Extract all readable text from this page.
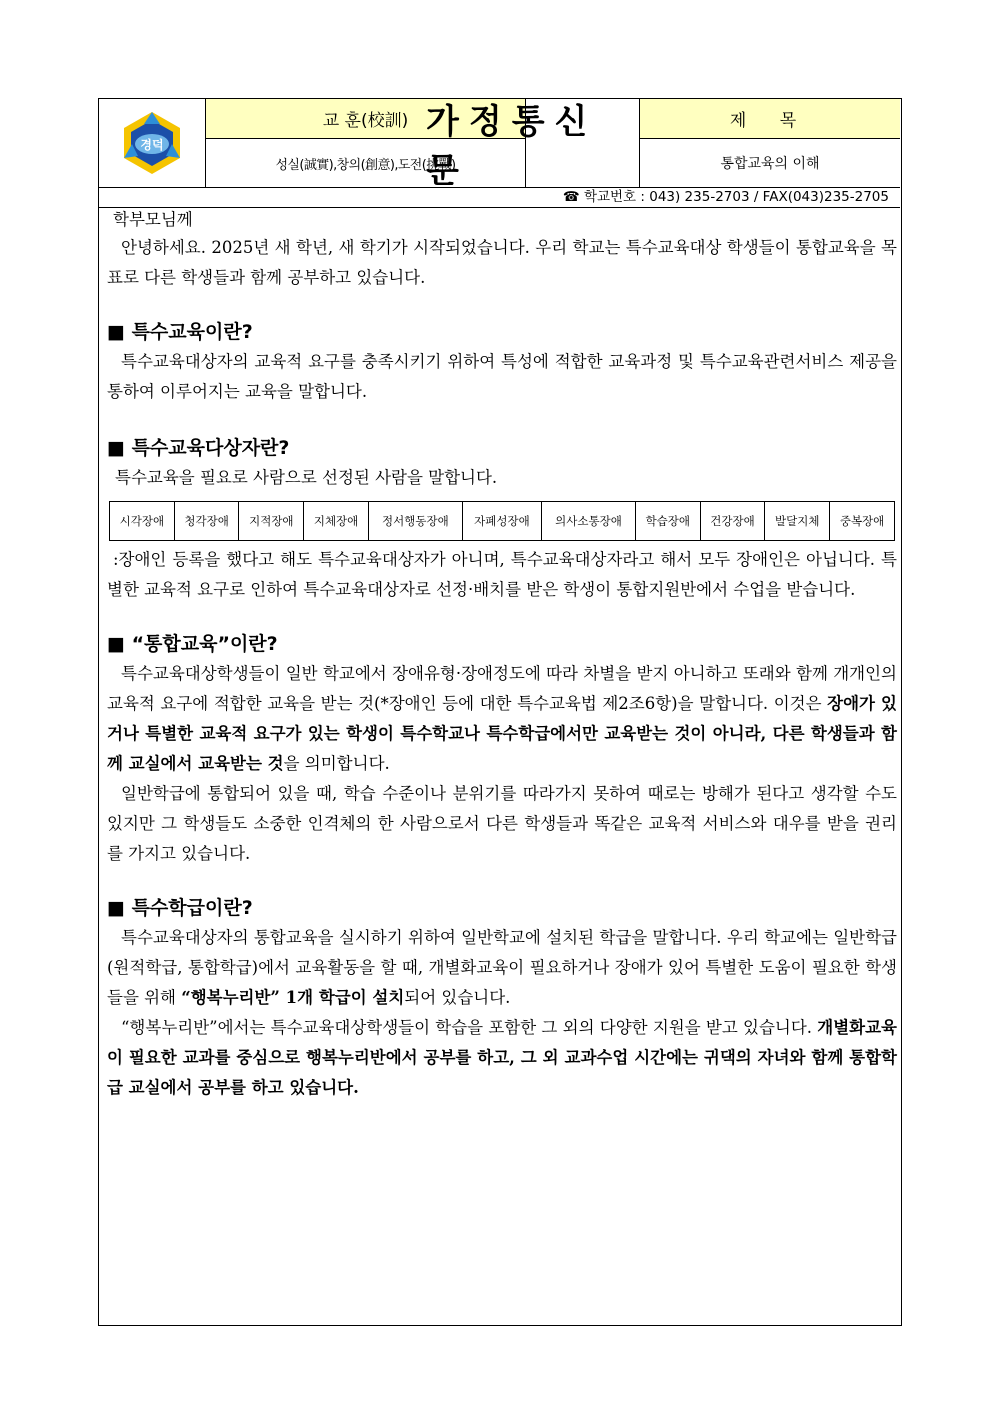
경덕
교 훈(校訓)
성실(誠實),창의(創意),도전(挑戰)
가정통신문
제 목
통합교육의 이해
☎ 학교번호 : 043) 235-2703 / FAX(043)235-2705

학부모님께

안녕하세요. 2025년 새 학년, 새 학기가 시작되었습니다. 우리 학교는 특수교육대상 학생들이 통합교육을 목표로 다른 학생들과 함께 공부하고 있습니다.

■ 특수교육이란?

특수교육대상자의 교육적 요구를 충족시키기 위하여 특성에 적합한 교육과정 및 특수교육관련서비스 제공을 통하여 이루어지는 교육을 말합니다.

■ 특수교육다상자란?

특수교육을 필요로 사람으로 선정된 사람을 말합니다.

시각장애	청각장애	지적장애	지체장애	정서행동장애	자폐성장애	의사소통장애	학습장애	건강장애	발달지체	중복장애

:장애인 등록을 했다고 해도 특수교육대상자가 아니며, 특수교육대상자라고 해서 모두 장애인은 아닙니다. 특별한 교육적 요구로 인하여 특수교육대상자로 선정·배치를 받은 학생이 통합지원반에서 수업을 받습니다.

■ “통합교육”이란?

특수교육대상학생들이 일반 학교에서 장애유형·장애정도에 따라 차별을 받지 아니하고 또래와 함께 개개인의 교육적 요구에 적합한 교육을 받는 것(*장애인 등에 대한 특수교육법 제2조6항)을 말합니다. 이것은 장애가 있거나 특별한 교육적 요구가 있는 학생이 특수학교나 특수학급에서만 교육받는 것이 아니라, 다른 학생들과 함께 교실에서 교육받는 것을 의미합니다.

일반학급에 통합되어 있을 때, 학습 수준이나 분위기를 따라가지 못하여 때로는 방해가 된다고 생각할 수도 있지만 그 학생들도 소중한 인격체의 한 사람으로서 다른 학생들과 똑같은 교육적 서비스와 대우를 받을 권리를 가지고 있습니다.

■ 특수학급이란?

특수교육대상자의 통합교육을 실시하기 위하여 일반학교에 설치된 학급을 말합니다. 우리 학교에는 일반학급(원적학급, 통합학급)에서 교육활동을 할 때, 개별화교육이 필요하거나 장애가 있어 특별한 도움이 필요한 학생들을 위해 “행복누리반” 1개 학급이 설치되어 있습니다.

“행복누리반”에서는 특수교육대상학생들이 학습을 포함한 그 외의 다양한 지원을 받고 있습니다. 개별화교육이 필요한 교과를 중심으로 행복누리반에서 공부를 하고, 그 외 교과수업 시간에는 귀댁의 자녀와 함께 통합학급 교실에서 공부를 하고 있습니다.
